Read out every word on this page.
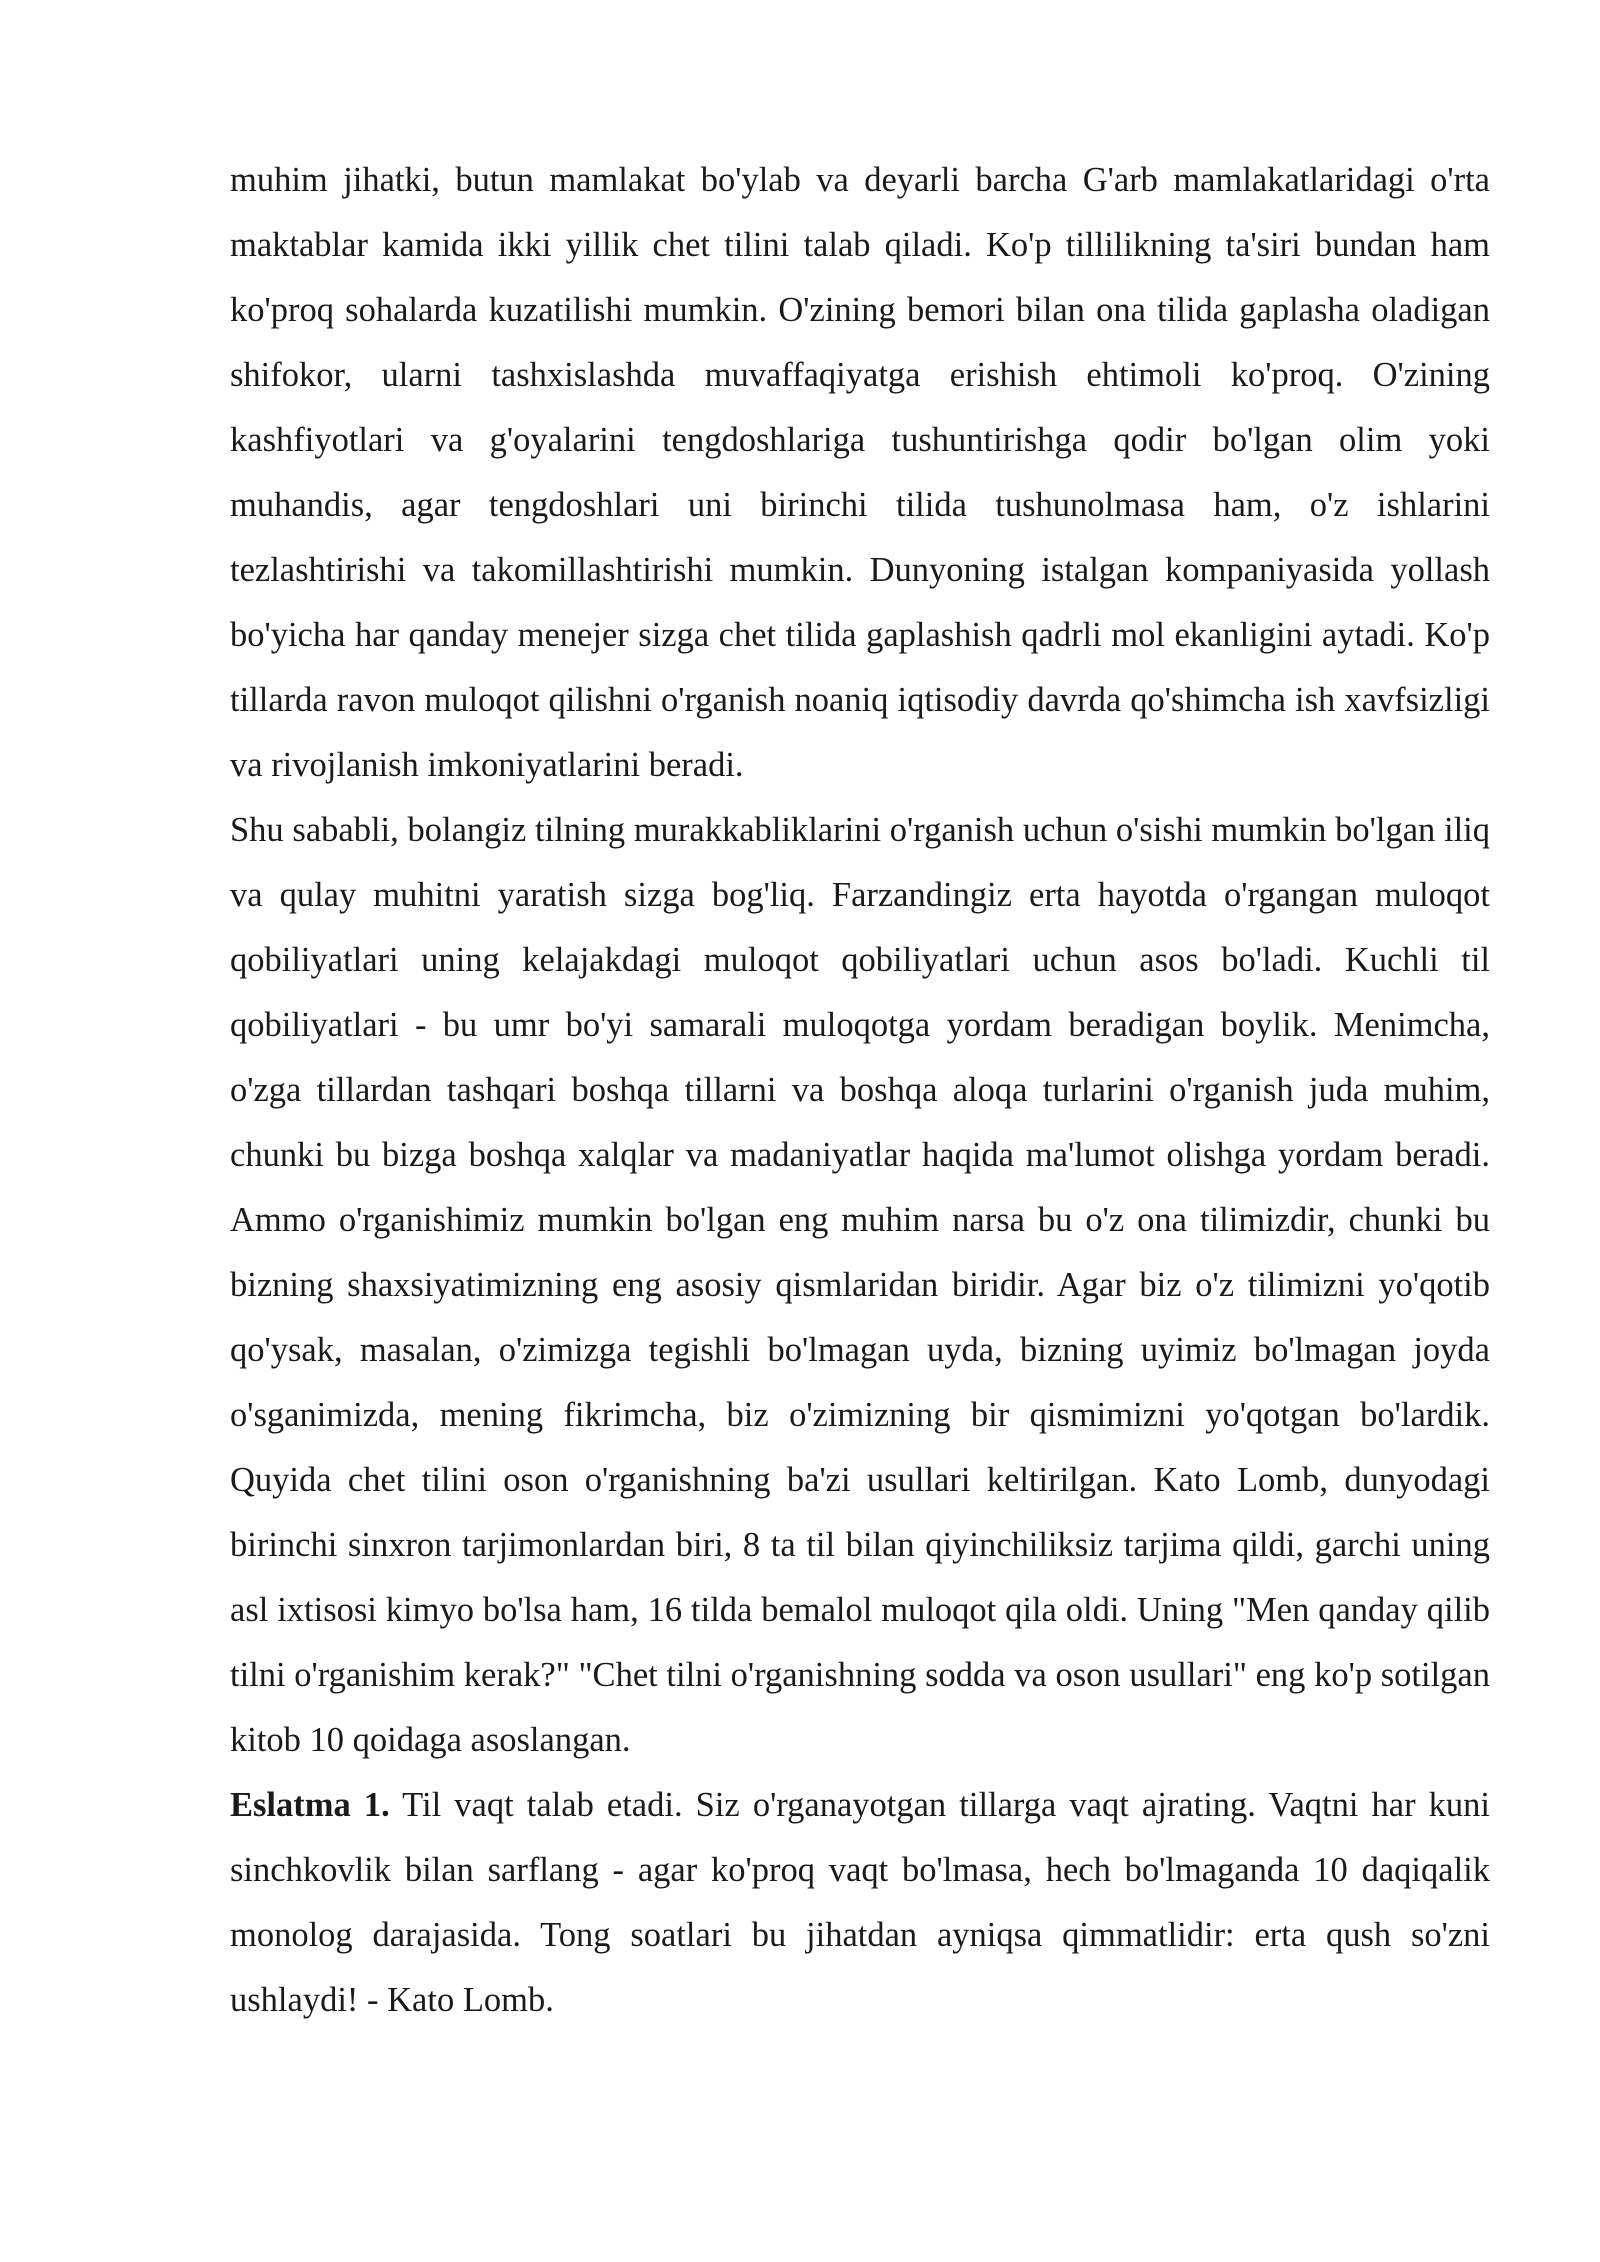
muhim jihatki, butun mamlakat bo'ylab va deyarli barcha G'arb mamlakatlaridagi o'rta maktablar kamida ikki yillik chet tilini talab qiladi. Ko'p tillilikning ta'siri bundan ham ko'proq sohalarda kuzatilishi mumkin. O'zining bemori bilan ona tilida gaplasha oladigan shifokor, ularni tashxislashda muvaffaqiyatga erishish ehtimoli ko'proq. O'zining kashfiyotlari va g'oyalarini tengdoshlariga tushuntirishga qodir bo'lgan olim yoki muhandis, agar tengdoshlari uni birinchi tilida tushunolmasa ham, o'z ishlarini tezlashtirishi va takomillashtirishi mumkin. Dunyoning istalgan kompaniyasida yollash bo'yicha har qanday menejer sizga chet tilida gaplashish qadrli mol ekanligini aytadi. Ko'p tillarda ravon muloqot qilishni o'rganish noaniq iqtisodiy davrda qo'shimcha ish xavfsizligi va rivojlanish imkoniyatlarini beradi.

Shu sababli, bolangiz tilning murakkabliklarini o'rganish uchun o'sishi mumkin bo'lgan iliq va qulay muhitni yaratish sizga bog'liq. Farzandingiz erta hayotda o'rgangan muloqot qobiliyatlari uning kelajakdagi muloqot qobiliyatlari uchun asos bo'ladi. Kuchli til qobiliyatlari - bu umr bo'yi samarali muloqotga yordam beradigan boylik. Menimcha, o'zga tillardan tashqari boshqa tillarni va boshqa aloqa turlarini o'rganish juda muhim, chunki bu bizga boshqa xalqlar va madaniyatlar haqida ma'lumot olishga yordam beradi. Ammo o'rganishimiz mumkin bo'lgan eng muhim narsa bu o'z ona tilimizdir, chunki bu bizning shaxsiyatimizning eng asosiy qismlaridan biridir. Agar biz o'z tilimizni yo'qotib qo'ysak, masalan, o'zimizga tegishli bo'lmagan uyda, bizning uyimiz bo'lmagan joyda o'sganimizda, mening fikrimcha, biz o'zimizning bir qismimizni yo'qotgan bo'lardik. Quyida chet tilini oson o'rganishning ba'zi usullari keltirilgan. Kato Lomb, dunyodagi birinchi sinxron tarjimonlardan biri, 8 ta til bilan qiyinchiliksiz tarjima qildi, garchi uning asl ixtisosi kimyo bo'lsa ham, 16 tilda bemalol muloqot qila oldi. Uning "Men qanday qilib tilni o'rganishim kerak?" "Chet tilni o'rganishning sodda va oson usullari" eng ko'p sotilgan kitob 10 qoidaga asoslangan.

Eslatma 1. Til vaqt talab etadi. Siz o'rganayotgan tillarga vaqt ajrating. Vaqtni har kuni sinchkovlik bilan sarflang - agar ko'proq vaqt bo'lmasa, hech bo'lmaganda 10 daqiqalik monolog darajasida. Tong soatlari bu jihatdan ayniqsa qimmatlidir: erta qush so'zni ushlaydi! - Kato Lomb.
